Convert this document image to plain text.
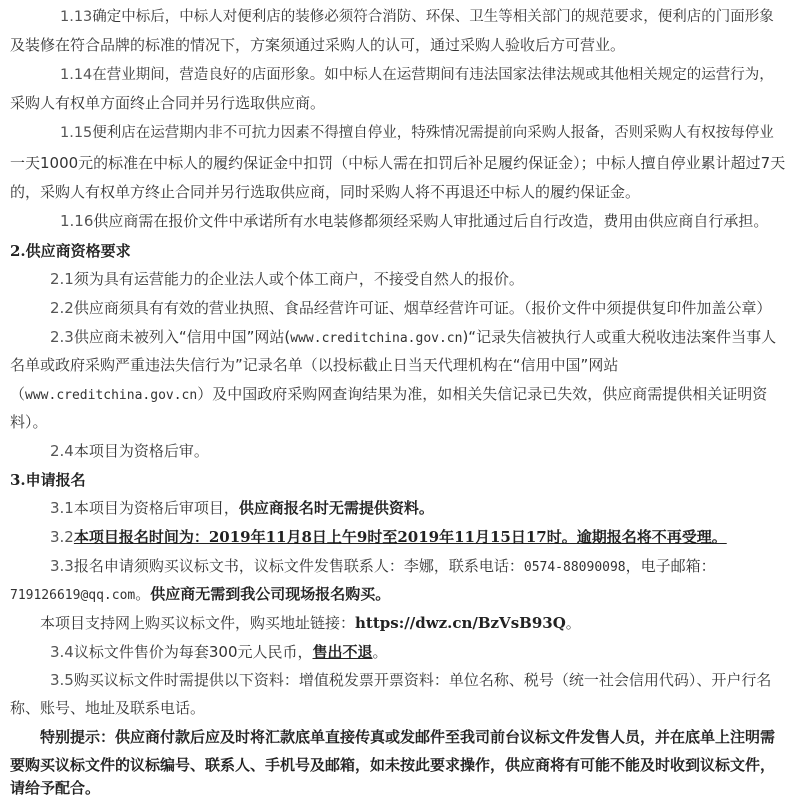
1.13确定中标后，中标人对便利店的装修必须符合消防、环保、卫生等相关部门的规范要求，便利店的门面形象
及装修在符合品牌的标准的情况下，方案须通过采购人的认可，通过采购人验收后方可营业。
1.14在营业期间，营造良好的店面形象。如中标人在运营期间有违法国家法律法规或其他相关规定的运营行为，
采购人有权单方面终止合同并另行选取供应商。
1.15便利店在运营期内非不可抗力因素不得擅自停业，特殊情况需提前向采购人报备，否则采购人有权按每停业
一天1000元的标准在中标人的履约保证金中扣罚（中标人需在扣罚后补足履约保证金）；中标人擅自停业累计超过7天
的，采购人有权单方终止合同并另行选取供应商，同时采购人将不再退还中标人的履约保证金。
1.16供应商需在报价文件中承诺所有水电装修都须经采购人审批通过后自行改造，费用由供应商自行承担。
2.供应商资格要求
2.1须为具有运营能力的企业法人或个体工商户，不接受自然人的报价。
2.2供应商须具有有效的营业执照、食品经营许可证、烟草经营许可证。（报价文件中须提供复印件加盖公章）
2.3供应商未被列入“信用中国”网站(www.creditchina.gov.cn)“记录失信被执行人或重大税收违法案件当事人
名单或政府采购严重违法失信行为”记录名单（以投标截止日当天代理机构在“信用中国”网站
（www.creditchina.gov.cn）及中国政府采购网查询结果为准，如相关失信记录已失效，供应商需提供相关证明资
料）。
2.4本项目为资格后审。
3.申请报名
3.1本项目为资格后审项目，供应商报名时无需提供资料。
3.2本项目报名时间为：2019年11月8日上午9时至2019年11月15日17时。逾期报名将不再受理。
3.3报名申请须购买议标文书，议标文件发售联系人：李娜，联系电话：0574-88090098，电子邮箱：
719126619@qq.com。供应商无需到我公司现场报名购买。
本项目支持网上购买议标文件，购买地址链接：https://dwz.cn/BzVsB93Q。
3.4议标文件售价为每套300元人民币，售出不退。
3.5购买议标文件时需提供以下资料：增值税发票开票资料：单位名称、税号（统一社会信用代码）、开户行名
称、账号、地址及联系电话。
特别提示：供应商付款后应及时将汇款底单直接传真或发邮件至我司前台议标文件发售人员，并在底单上注明需
要购买议标文件的议标编号、联系人、手机号及邮箱，如未按此要求操作，供应商将有可能不能及时收到议标文件，
请给予配合。
